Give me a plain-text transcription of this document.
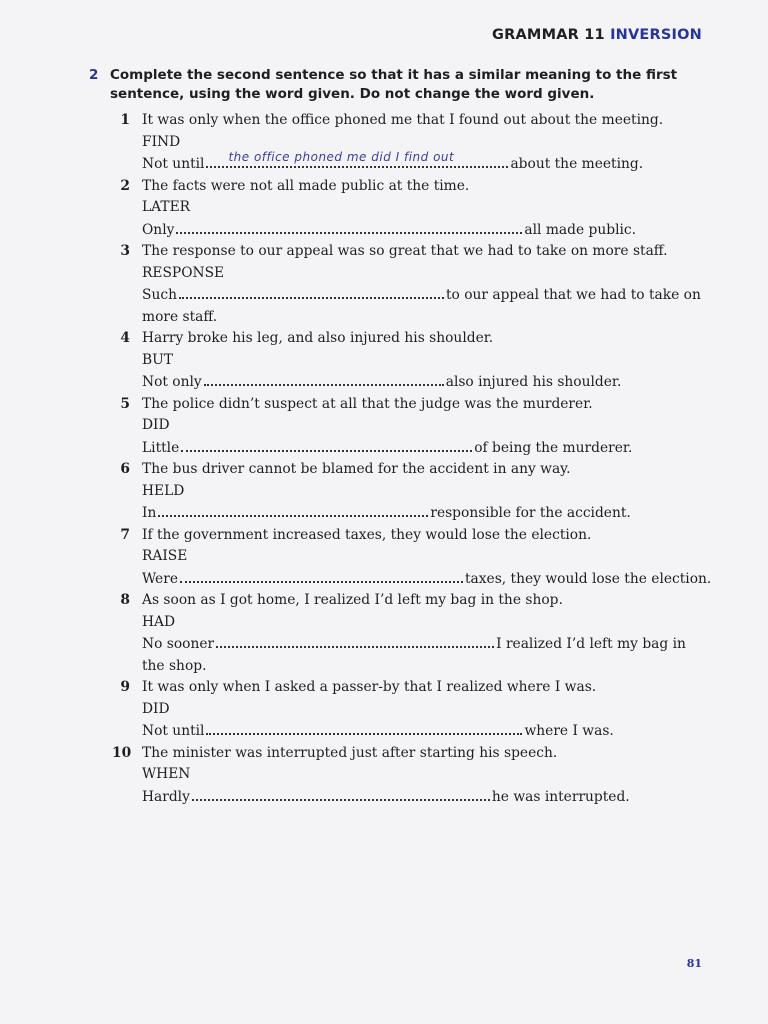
GRAMMAR 11 INVERSION
2 Complete the second sentence so that it has a similar meaning to the first sentence, using the word given. Do not change the word given.
1 It was only when the office phoned me that I found out about the meeting.
FIND
Not until the office phoned me did I find out	about the meeting.
2 The facts were not all made public at the time.
LATER
Only	all made public.
3 The response to our appeal was so great that we had to take on more staff.
RESPONSE
Such	to our appeal that we had to take on more staff.
4 Harry broke his leg, and also injured his shoulder.
BUT
Not only	also injured his shoulder.
5 The police didn’t suspect at all that the judge was the murderer.
DID
Little	of being the murderer.
6 The bus driver cannot be blamed for the accident in any way.
HELD
In	responsible for the accident.
7 If the government increased taxes, they would lose the election.
RAISE
Were	taxes, they would lose the election.
8 As soon as I got home, I realized I’d left my bag in the shop.
HAD
No sooner	I realized I’d left my bag in the shop.
9 It was only when I asked a passer-by that I realized where I was.
DID
Not until	where I was.
10 The minister was interrupted just after starting his speech.
WHEN
Hardly	he was interrupted.
81
